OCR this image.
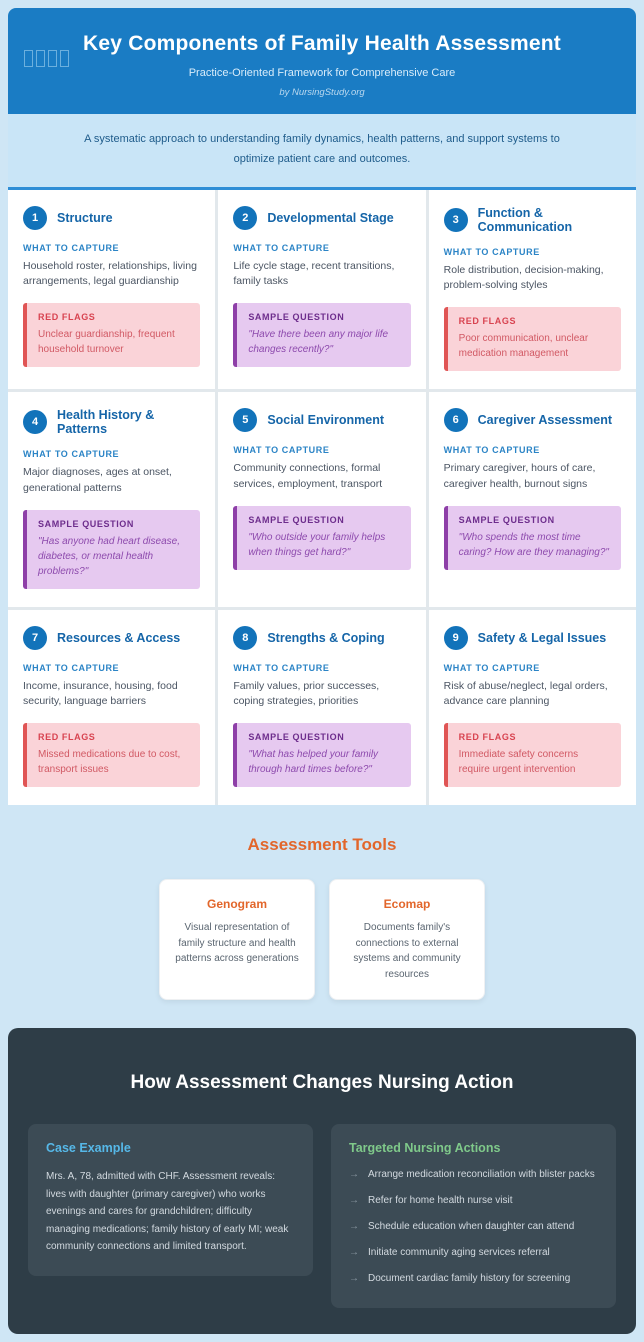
Key Components of Family Health Assessment
Practice-Oriented Framework for Comprehensive Care
by NursingStudy.org
A systematic approach to understanding family dynamics, health patterns, and support systems to optimize patient care and outcomes.
1	Structure
WHAT TO CAPTURE
Household roster, relationships, living arrangements, legal guardianship
RED FLAGS
Unclear guardianship, frequent household turnover
2	Developmental Stage
WHAT TO CAPTURE
Life cycle stage, recent transitions, family tasks
SAMPLE QUESTION
"Have there been any major life changes recently?"
3	Function & Communication
WHAT TO CAPTURE
Role distribution, decision-making, problem-solving styles
RED FLAGS
Poor communication, unclear medication management
4	Health History & Patterns
WHAT TO CAPTURE
Major diagnoses, ages at onset, generational patterns
SAMPLE QUESTION
"Has anyone had heart disease, diabetes, or mental health problems?"
5	Social Environment
WHAT TO CAPTURE
Community connections, formal services, employment, transport
SAMPLE QUESTION
"Who outside your family helps when things get hard?"
6	Caregiver Assessment
WHAT TO CAPTURE
Primary caregiver, hours of care, caregiver health, burnout signs
SAMPLE QUESTION
"Who spends the most time caring? How are they managing?"
7	Resources & Access
WHAT TO CAPTURE
Income, insurance, housing, food security, language barriers
RED FLAGS
Missed medications due to cost, transport issues
8	Strengths & Coping
WHAT TO CAPTURE
Family values, prior successes, coping strategies, priorities
SAMPLE QUESTION
"What has helped your family through hard times before?"
9	Safety & Legal Issues
WHAT TO CAPTURE
Risk of abuse/neglect, legal orders, advance care planning
RED FLAGS
Immediate safety concerns require urgent intervention
Assessment Tools
Genogram
Visual representation of family structure and health patterns across generations
Ecomap
Documents family's connections to external systems and community resources
How Assessment Changes Nursing Action
Case Example
Mrs. A, 78, admitted with CHF. Assessment reveals: lives with daughter (primary caregiver) who works evenings and cares for grandchildren; difficulty managing medications; family history of early MI; weak community connections and limited transport.
Targeted Nursing Actions
→ Arrange medication reconciliation with blister packs
→ Refer for home health nurse visit
→ Schedule education when daughter can attend
→ Initiate community aging services referral
→ Document cardiac family history for screening
